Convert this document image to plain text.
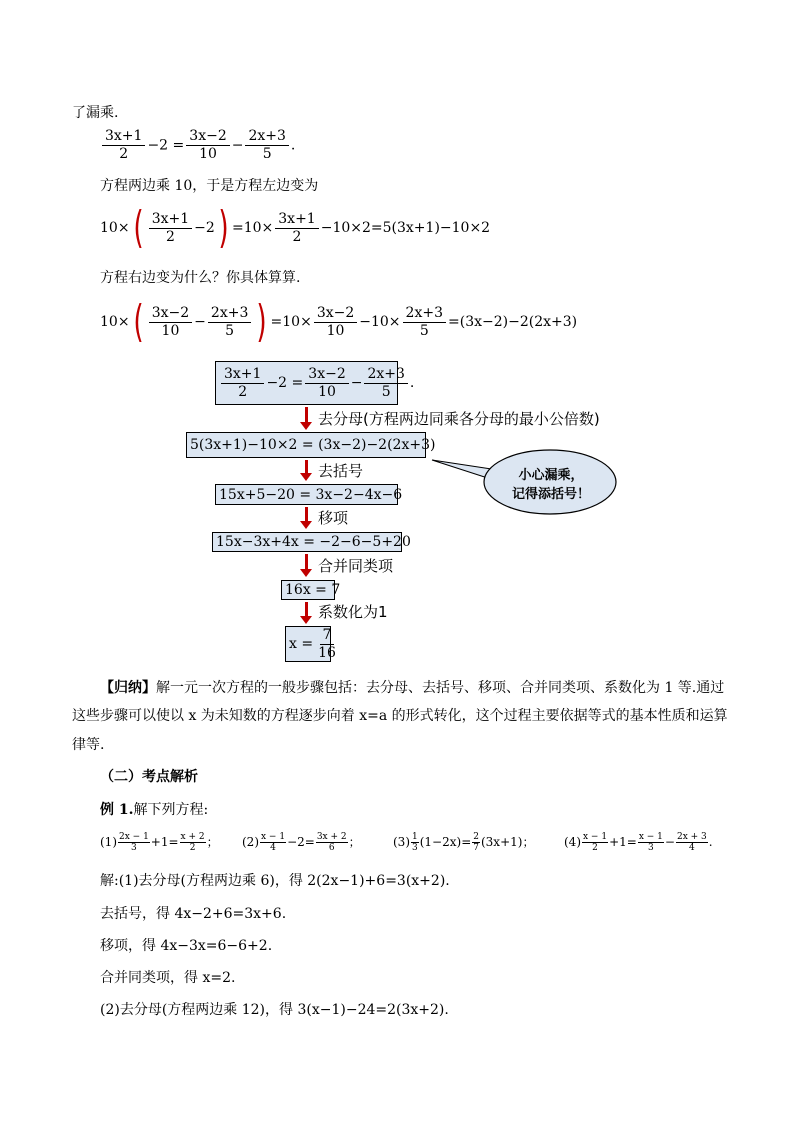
了漏乘.
$\frac{3x+1}{2} -2 = \frac{3x-2}{10} - \frac{2x+3}{5}$ .
方程两边乘 10，于是方程左边变为
$10\times( \frac{3x+1}{2} -2) =10\times \frac{3x+1}{2} -10\times 2=5(3x+1)-10\times 2$
方程右边变为什么？你具体算算.
$10\times( \frac{3x-2}{10} - \frac{2x+3}{5}$ ) $=10\times \frac{3x-2}{10} -10\times \frac{2x+3}{5} =(3x-2)-2(2x+3)$
$\frac{3x+1}{2} -2 = \frac{3x-2}{10} - \frac{2x+3}{5}$ .
去分母(方程两边同乘各分母的最小公倍数)
5(3x+1)−10×2 = (3x−2)−2(2x+3)
去括号
15x+5−20 = 3x−2−4x−6
移项
15x−3x+4x = −2−6−5+20
合并同类项
16x = 7
系数化为1
$x = \frac{7}{16}$
小心漏乘，
记得添括号！
【归纳】解一元一次方程的一般步骤包括：去分母、去括号、移项、合并同类项、系数化为 1 等.通过
这些步骤可以使以 x 为未知数的方程逐步向着 x=a 的形式转化，这个过程主要依据等式的基本性质和运算
律等.
（二）考点解析
例 1.解下列方程:
$(1) \frac{2x - 1}{3} +1= \frac{x + 2}{2}$ ； $(2) \frac{x - 1}{4} -2= \frac{3x + 2}{6}$ ；	$(3) \frac{1}{3} (1-2x)= \frac{2}{7} (3x+1)$； $(4) \frac{x - 1}{2} +1= \frac{x - 1}{3} - \frac{2x + 3}{4}$ .
解:(1)去分母(方程两边乘 6)，得 2(2x−1)+6=3(x+2).
去括号，得 4x−2+6=3x+6.
移项，得 4x−3x=6−6+2.
合并同类项，得 x=2.
(2)去分母(方程两边乘 12)，得 3(x−1)−24=2(3x+2).
